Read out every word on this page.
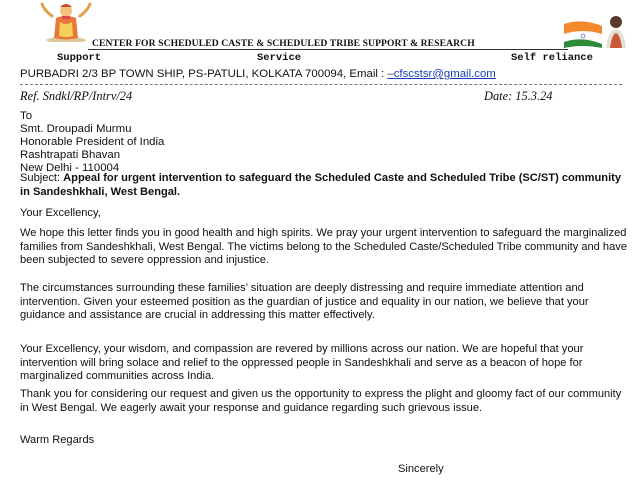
CENTER FOR SCHEDULED CASTE & SCHEDULED TRIBE SUPPORT & RESEARCH
Support	Service	Self reliance
PURBADRI 2/3 BP TOWN SHIP, PS-PATULI, KOLKATA 700094, Email : –cfscstsr@gmail.com
Ref. Sndkl/RP/Intrv/24	Date: 15.3.24
To
Smt. Droupadi Murmu
Honorable President of India
Rashtrapati Bhavan
New Delhi - 110004
Subject: Appeal for urgent intervention to safeguard the Scheduled Caste and Scheduled Tribe (SC/ST) community in Sandeshkhali, West Bengal.
Your Excellency,
We hope this letter finds you in good health and high spirits. We pray your urgent intervention to safeguard the marginalized families from Sandeshkhali, West Bengal. The victims belong to the Scheduled Caste/Scheduled Tribe community and have been subjected to severe oppression and injustice.
The circumstances surrounding these families’ situation are deeply distressing and require immediate attention and intervention. Given your esteemed position as the guardian of justice and equality in our nation, we believe that your guidance and assistance are crucial in addressing this matter effectively.
Your Excellency, your wisdom, and compassion are revered by millions across our nation. We are hopeful that your intervention will bring solace and relief to the oppressed people in Sandeshkhali and serve as a beacon of hope for marginalized communities across India.
Thank you for considering our request and given us the opportunity to express the plight and gloomy fact of our community in West Bengal. We eagerly await your response and guidance regarding such grievous issue.
Warm Regards
Sincerely
